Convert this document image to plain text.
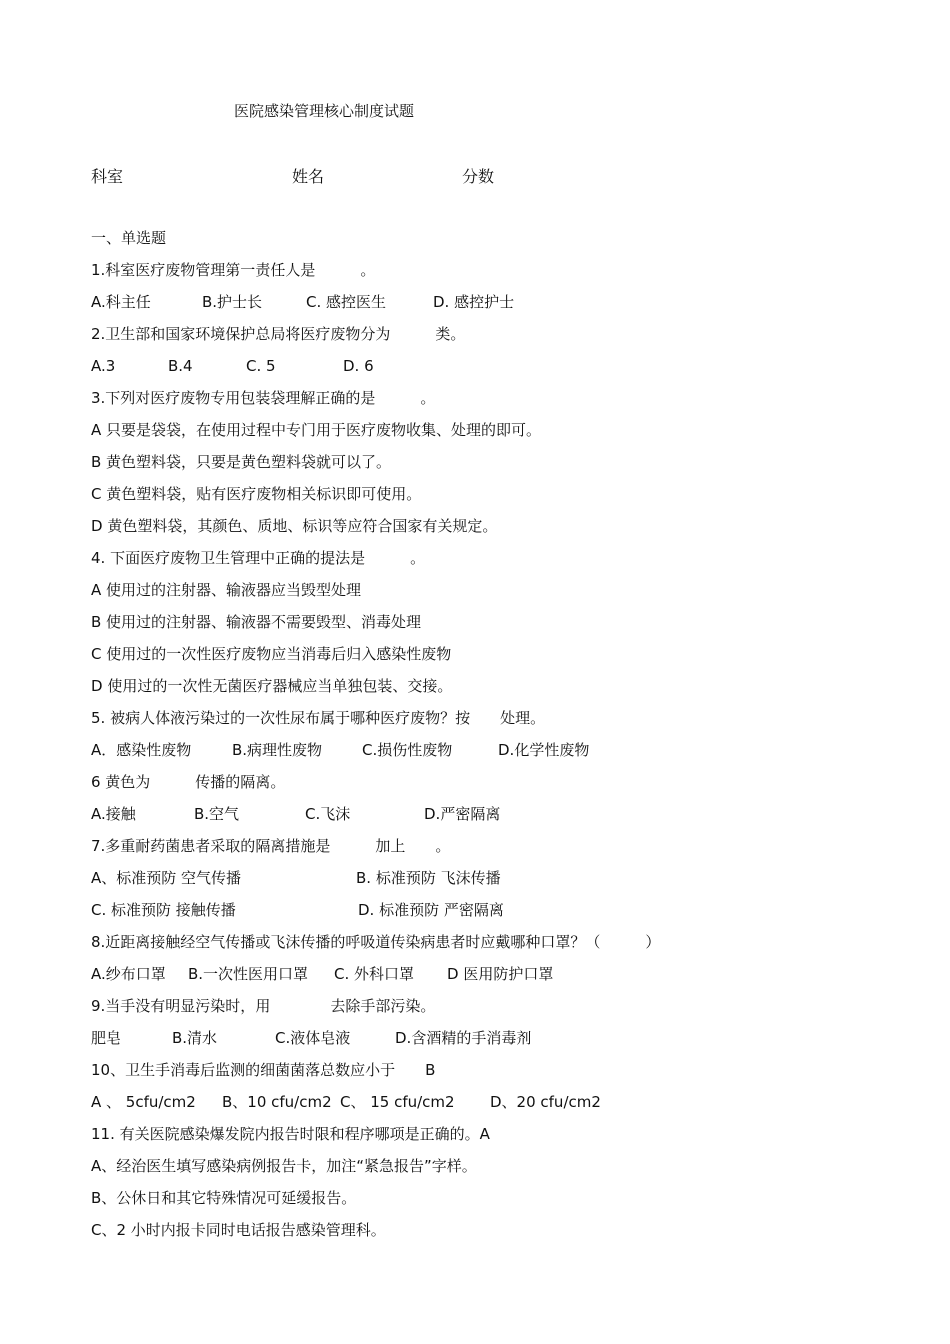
医院感染管理核心制度试题
科室	姓名	分数
一、单选题
1.科室医疗废物管理第一责任人是　　　。
A.科主任	B.护士长	C. 感控医生	D. 感控护士
2.卫生部和国家环境保护总局将医疗废物分为　　　类。
A.3	B.4	C. 5	D. 6
3.下列对医疗废物专用包装袋理解正确的是　　　。
A 只要是袋袋，在使用过程中专门用于医疗废物收集、处理的即可。
B 黄色塑料袋，只要是黄色塑料袋就可以了。
C 黄色塑料袋，贴有医疗废物相关标识即可使用。
D 黄色塑料袋，其颜色、质地、标识等应符合国家有关规定。
4. 下面医疗废物卫生管理中正确的提法是　　　。
A 使用过的注射器、输液器应当毁型处理
B 使用过的注射器、输液器不需要毁型、消毒处理
C 使用过的一次性医疗废物应当消毒后归入感染性废物
D 使用过的一次性无菌医疗器械应当单独包装、交接。
5. 被病人体液污染过的一次性尿布属于哪种医疗废物？按　　处理。
A．感染性废物	B.病理性废物	C.损伤性废物	D.化学性废物
6 黄色为　　　传播的隔离。
A.接触	B.空气	C.飞沫	D.严密隔离
7.多重耐药菌患者采取的隔离措施是　　　加上　　。
A、标准预防 空气传播	B. 标准预防 飞沫传播
C. 标准预防 接触传播	D. 标准预防 严密隔离
8.近距离接触经空气传播或飞沫传播的呼吸道传染病患者时应戴哪种口罩？（　　　）
A.纱布口罩 B.一次性医用口罩 C. 外科口罩 D 医用防护口罩
9.当手没有明显污染时，用　　　　去除手部污染。
肥皂	B.清水	C.液体皂液	D.含酒精的手消毒剂
10、卫生手消毒后监测的细菌菌落总数应小于　　B
A 、 5cfu/cm2 B、10 cfu/cm2 C、 15 cfu/cm2 D、20 cfu/cm2
11. 有关医院感染爆发院内报告时限和程序哪项是正确的。A
A、经治医生填写感染病例报告卡，加注“紧急报告”字样。
B、公休日和其它特殊情况可延缓报告。
C、2 小时内报卡同时电话报告感染管理科。
